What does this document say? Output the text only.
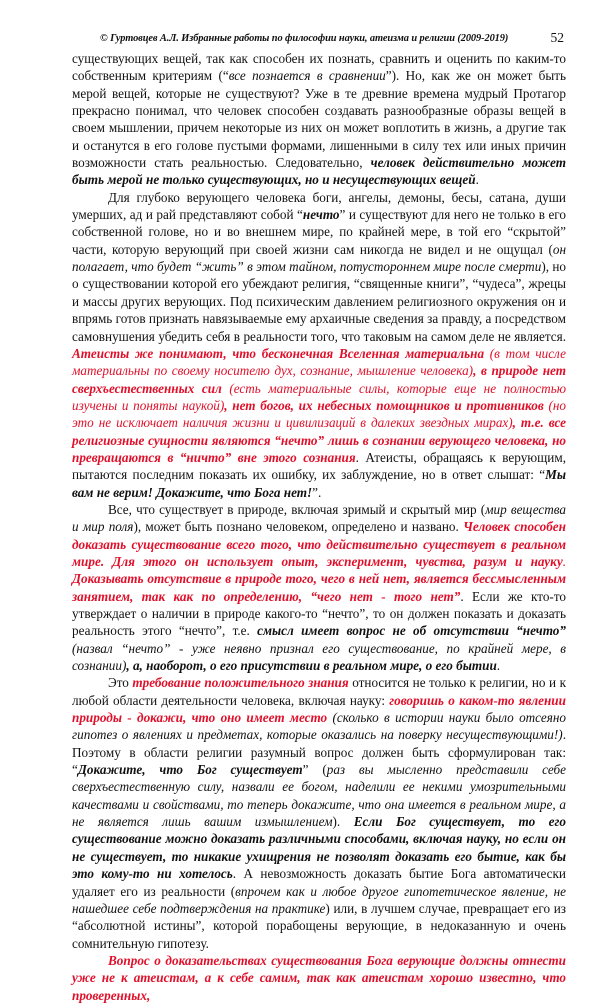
© Гуртовцев А.Л. Избранные работы по философии науки, атеизма и религии (2009-2019)	52

существующих вещей, так как способен их познать, сравнить и оценить по каким-то собственным критериям (“все познается в сравнении”). Но, как же он может быть мерой вещей, которые не существуют? Уже в те древние времена мудрый Протагор прекрасно понимал, что человек способен создавать разнообразные образы вещей в своем мышлении, причем некоторые из них он может воплотить в жизнь, а другие так и останутся в его голове пустыми формами, лишенными в силу тех или иных причин возможности стать реальностью. Следовательно, человек действительно может быть мерой не только существующих, но и несуществующих вещей.

Для глубоко верующего человека боги, ангелы, демоны, бесы, сатана, души умерших, ад и рай представляют собой “нечто” и существуют для него не только в его собственной голове, но и во внешнем мире, по крайней мере, в той его “скрытой” части, которую верующий при своей жизни сам никогда не видел и не ощущал (он полагает, что будет “жить” в этом тайном, потустороннем мире после смерти), но о существовании которой его убеждают религия, “священные книги”, “чудеса”, жрецы и массы других верующих. Под психическим давлением религиозного окружения он и впрямь готов признать навязываемые ему архаичные сведения за правду, а посредством самовнушения убедить себя в реальности того, что таковым на самом деле не является. Атеисты же понимают, что бесконечная Вселенная материальна (в том числе материальны по своему носителю дух, сознание, мышление человека), в природе нет сверхъестественных сил (есть материальные силы, которые еще не полностью изучены и поняты наукой), нет богов, их небесных помощников и противников (но это не исключает наличия жизни и цивилизаций в далеких звездных мирах), т.е. все религиозные сущности являются “нечто” лишь в сознании верующего человека, но превращаются в “ничто” вне этого сознания. Атеисты, обращаясь к верующим, пытаются последним показать их ошибку, их заблуждение, но в ответ слышат: “Мы вам не верим! Докажите, что Бога нет!”.

Все, что существует в природе, включая зримый и скрытый мир (мир вещества и мир поля), может быть познано человеком, определено и названо. Человек способен доказать существование всего того, что действительно существует в реальном мире. Для этого он использует опыт, эксперимент, чувства, разум и науку. Доказывать отсутствие в природе того, чего в ней нет, является бессмысленным занятием, так как по определению, “чего нет - того нет”. Если же кто-то утверждает о наличии в природе какого-то “нечто”, то он должен показать и доказать реальность этого “нечто”, т.е. смысл имеет вопрос не об отсутствии “нечто” (назвал “нечто” - уже неявно признал его существование, по крайней мере, в сознании), а, наоборот, о его присутствии в реальном мире, о его бытии.

Это требование положительного знания относится не только к религии, но и к любой области деятельности человека, включая науку: говоришь о каком-то явлении природы - докажи, что оно имеет место (сколько в истории науки было отсеяно гипотез о явлениях и предметах, которые оказались на поверку несуществующими!). Поэтому в области религии разумный вопрос должен быть сформулирован так: “Докажите, что Бог существует” (раз вы мысленно представили себе сверхъестественную силу, назвали ее богом, наделили ее некими умозрительными качествами и свойствами, то теперь докажите, что она имеется в реальном мире, а не является лишь вашим измышлением). Если Бог существует, то его существование можно доказать различными способами, включая науку, но если он не существует, то никакие ухищрения не позволят доказать его бытие, как бы это кому-то ни хотелось. А невозможность доказать бытие Бога автоматически удаляет его из реальности (впрочем как и любое другое гипотетическое явление, не нашедшее себе подтверждения на практике) или, в лучшем случае, превращает его из “абсолютной истины”, которой порабощены верующие, в недоказанную и очень сомнительную гипотезу.

Вопрос о доказательствах существования Бога верующие должны отнести уже не к атеистам, а к себе самим, так как атеистам хорошо известно, что проверенных,
